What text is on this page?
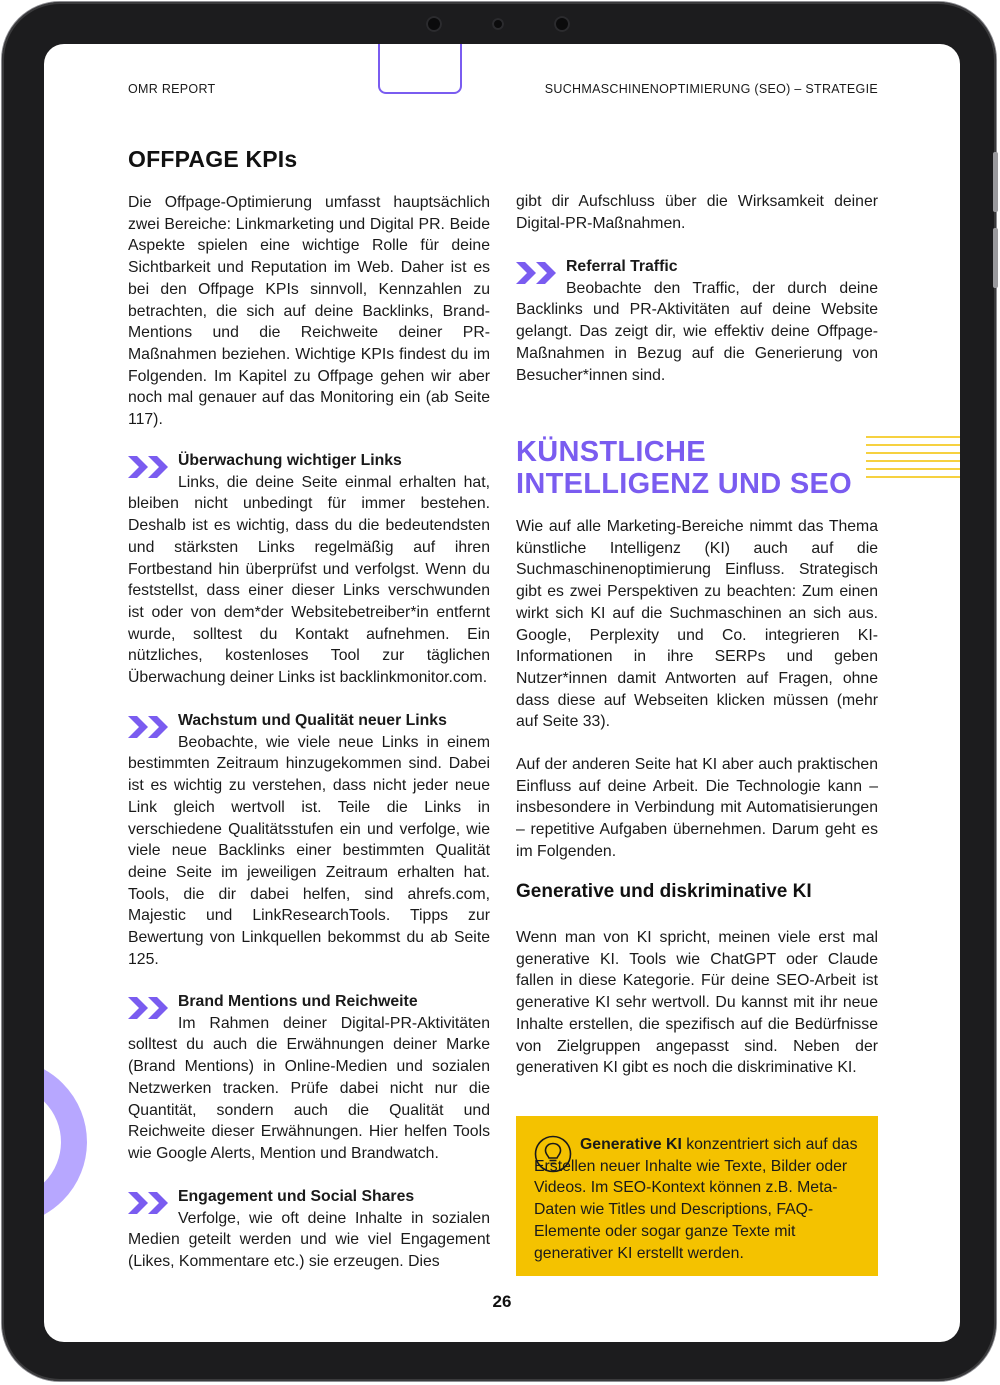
OMR REPORT	SUCHMASCHINENOPTIMIERUNG (SEO) – STRATEGIE
OFFPAGE KPIs

Die Offpage-Optimierung umfasst hauptsächlich zwei Bereiche: Linkmarketing und Digital PR. Beide Aspekte spielen eine wichtige Rolle für deine Sichtbarkeit und Reputation im Web. Daher ist es bei den Offpage KPIs sinnvoll, Kennzahlen zu betrachten, die sich auf deine Backlinks, Brand-Mentions und die Reichweite deiner PR-Maßnahmen beziehen. Wichtige KPIs findest du im Folgenden. Im Kapitel zu Offpage gehen wir aber noch mal genauer auf das Monitoring ein (ab Seite 117).

Überwachung wichtiger Links
Links, die deine Seite einmal erhalten hat, bleiben nicht unbedingt für immer bestehen. Deshalb ist es wichtig, dass du die bedeutendsten und stärksten Links regelmäßig auf ihren Fortbestand hin überprüfst und verfolgst. Wenn du feststellst, dass einer dieser Links verschwunden ist oder von dem*der Websitebetreiber*in entfernt wurde, solltest du Kontakt aufnehmen. Ein nützliches, kostenloses Tool zur täglichen Überwachung deiner Links ist backlinkmonitor.com.

Wachstum und Qualität neuer Links
Beobachte, wie viele neue Links in einem bestimmten Zeitraum hinzugekommen sind. Dabei ist es wichtig zu verstehen, dass nicht jeder neue Link gleich wertvoll ist. Teile die Links in verschiedene Qualitätsstufen ein und verfolge, wie viele neue Backlinks einer bestimmten Qualität deine Seite im jeweiligen Zeitraum erhalten hat. Tools, die dir dabei helfen, sind ahrefs.com, Majestic und LinkResearchTools. Tipps zur Bewertung von Linkquellen bekommst du ab Seite 125.

Brand Mentions und Reichweite
Im Rahmen deiner Digital-PR-Aktivitäten solltest du auch die Erwähnungen deiner Marke (Brand Mentions) in Online-Medien und sozialen Netzwerken tracken. Prüfe dabei nicht nur die Quantität, sondern auch die Qualität und Reichweite dieser Erwähnungen. Hier helfen Tools wie Google Alerts, Mention und Brandwatch.

Engagement und Social Shares
Verfolge, wie oft deine Inhalte in sozialen Medien geteilt werden und wie viel Engagement (Likes, Kommentare etc.) sie erzeugen. Dies

gibt dir Aufschluss über die Wirksamkeit deiner Digital-PR-Maßnahmen.

Referral Traffic
Beobachte den Traffic, der durch deine Backlinks und PR-Aktivitäten auf deine Website gelangt. Das zeigt dir, wie effektiv deine Offpage-Maßnahmen in Bezug auf die Generierung von Besucher*innen sind.

KÜNSTLICHE
INTELLIGENZ UND SEO

Wie auf alle Marketing-Bereiche nimmt das Thema künstliche Intelligenz (KI) auch auf die Suchmaschinenoptimierung Einfluss. Strategisch gibt es zwei Perspektiven zu beachten: Zum einen wirkt sich KI auf die Suchmaschinen an sich aus. Google, Perplexity und Co. integrieren KI-Informationen in ihre SERPs und geben Nutzer*innen damit Antworten auf Fragen, ohne dass diese auf Webseiten klicken müssen (mehr auf Seite 33).

Auf der anderen Seite hat KI aber auch praktischen Einfluss auf deine Arbeit. Die Technologie kann – insbesondere in Verbindung mit Automatisierungen – repetitive Aufgaben übernehmen. Darum geht es im Folgenden.

Generative und diskriminative KI

Wenn man von KI spricht, meinen viele erst mal generative KI. Tools wie ChatGPT oder Claude fallen in diese Kategorie. Für deine SEO-Arbeit ist generative KI sehr wertvoll. Du kannst mit ihr neue Inhalte erstellen, die spezifisch auf die Bedürfnisse von Zielgruppen angepasst sind. Neben der generativen KI gibt es noch die diskriminative KI.

Generative KI konzentriert sich auf das Erstellen neuer Inhalte wie Texte, Bilder oder Videos. Im SEO-Kontext können z.B. Meta-Daten wie Titles und Descriptions, FAQ-Elemente oder sogar ganze Texte mit generativer KI erstellt werden.

26
